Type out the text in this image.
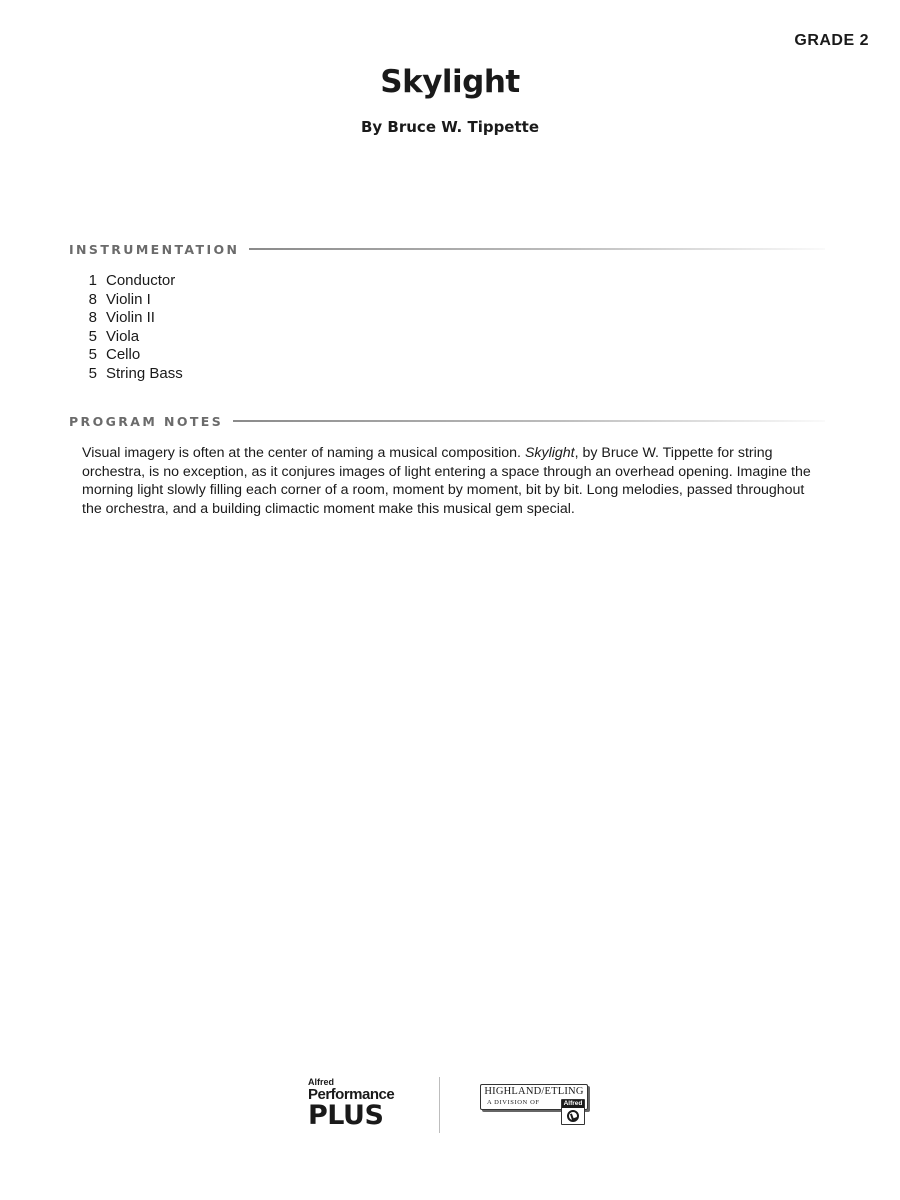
GRADE 2
Skylight
By Bruce W. Tippette
INSTRUMENTATION
1 Conductor
8 Violin I
8 Violin II
5 Viola
5 Cello
5 String Bass
PROGRAM NOTES

Visual imagery is often at the center of naming a musical composition. Skylight, by Bruce W. Tippette for string orchestra, is no exception, as it conjures images of light entering a space through an overhead opening. Imagine the morning light slowly filling each corner of a room, moment by moment, bit by bit. Long melodies, passed throughout the orchestra, and a building climactic moment make this musical gem special.

Alfred
Performance
PLUS
HIGHLAND/ETLING
A DIVISION OF	Alfred
